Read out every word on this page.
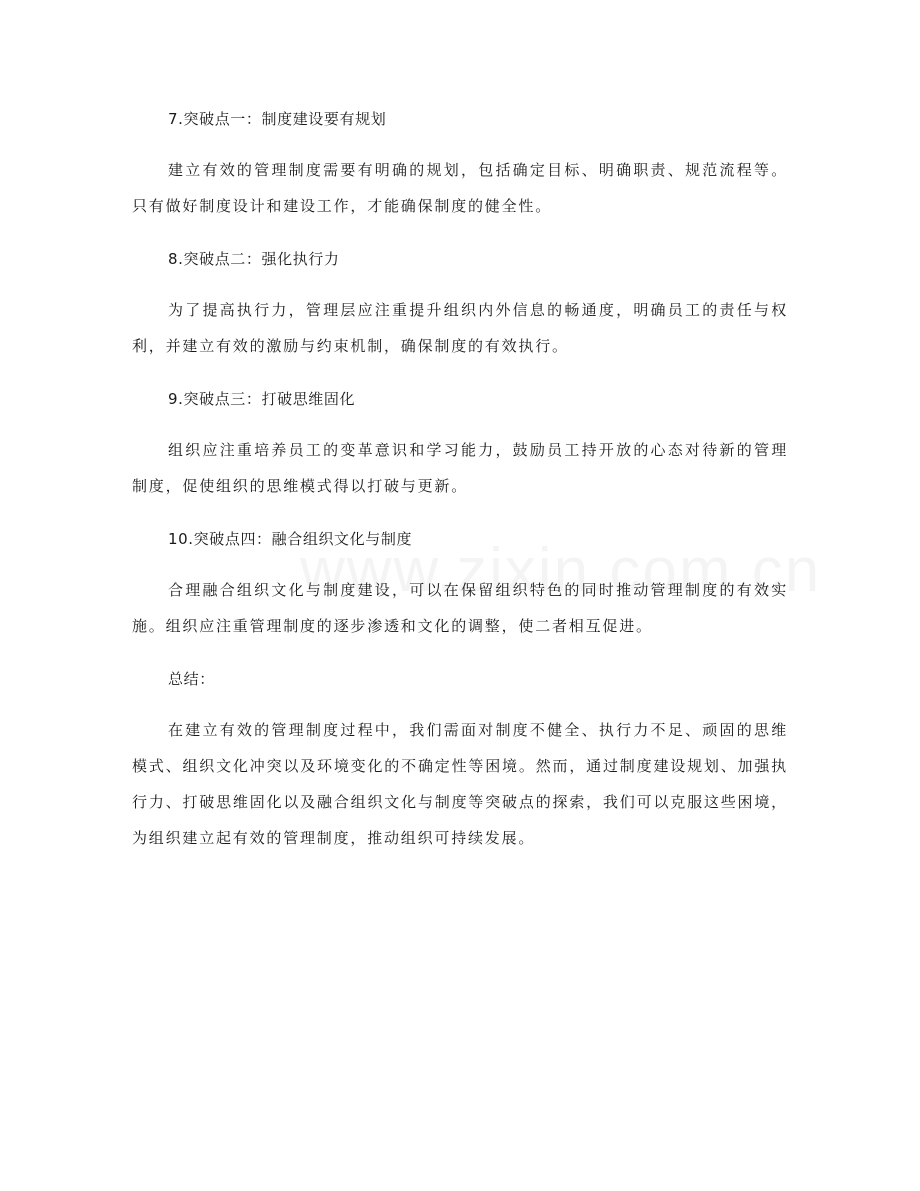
7.突破点一：制度建设要有规划

建立有效的管理制度需要有明确的规划，包括确定目标、明确职责、规范流程等。只有做好制度设计和建设工作，才能确保制度的健全性。

8.突破点二：强化执行力

为了提高执行力，管理层应注重提升组织内外信息的畅通度，明确员工的责任与权利，并建立有效的激励与约束机制，确保制度的有效执行。

9.突破点三：打破思维固化

组织应注重培养员工的变革意识和学习能力，鼓励员工持开放的心态对待新的管理制度，促使组织的思维模式得以打破与更新。

10.突破点四：融合组织文化与制度

合理融合组织文化与制度建设，可以在保留组织特色的同时推动管理制度的有效实施。组织应注重管理制度的逐步渗透和文化的调整，使二者相互促进。

总结：

在建立有效的管理制度过程中，我们需面对制度不健全、执行力不足、顽固的思维模式、组织文化冲突以及环境变化的不确定性等困境。然而，通过制度建设规划、加强执行力、打破思维固化以及融合组织文化与制度等突破点的探索，我们可以克服这些困境，为组织建立起有效的管理制度，推动组织可持续发展。
